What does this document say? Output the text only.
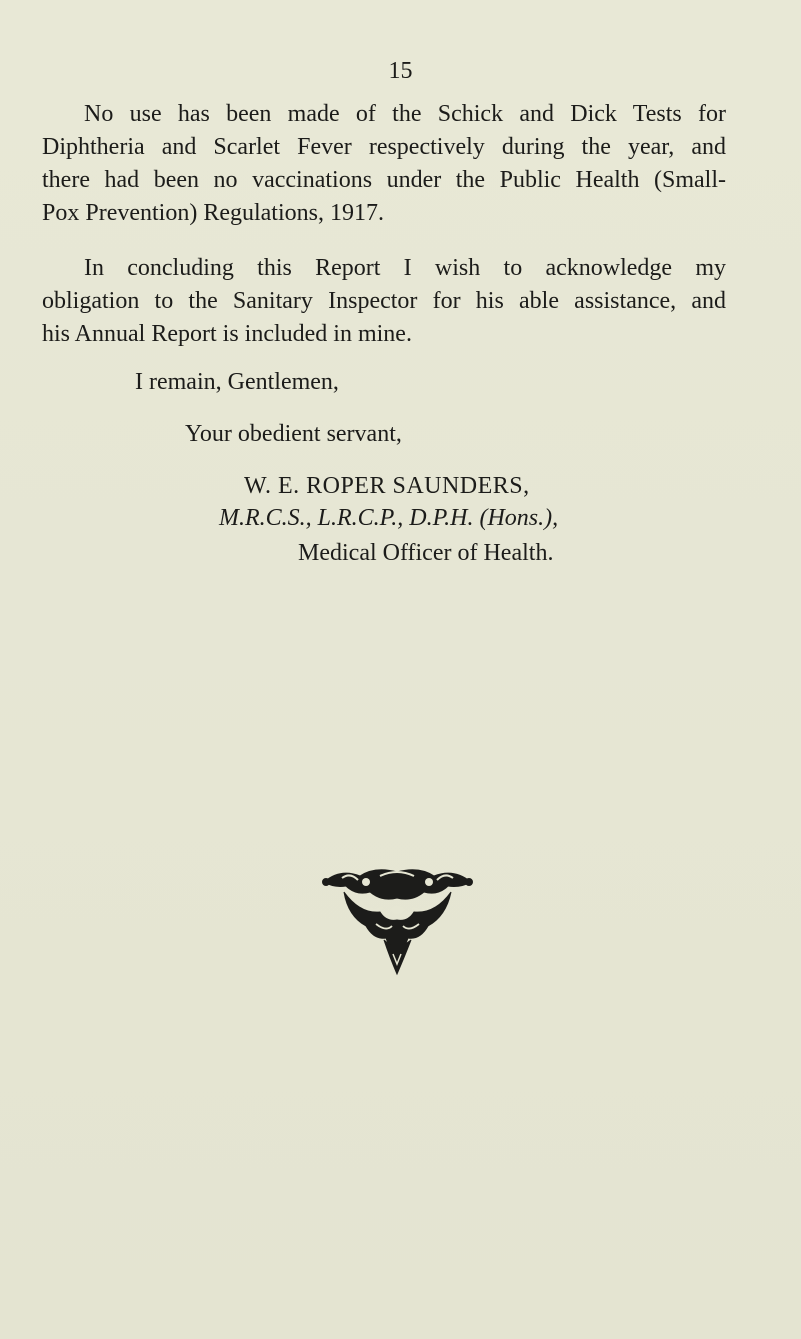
15

No use has been made of the Schick and Dick Tests for
Diphtheria and Scarlet Fever respectively during the year, and
there had been no vaccinations under the Public Health (Small-
Pox Prevention) Regulations, 1917.

In concluding this Report I wish to acknowledge my
obligation to the Sanitary Inspector for his able assistance, and
his Annual Report is included in mine.

I remain, Gentlemen,
Your obedient servant,
W. E. ROPER SAUNDERS,
M.R.C.S., L.R.C.P., D.P.H. (Hons.),
Medical Officer of Health.
